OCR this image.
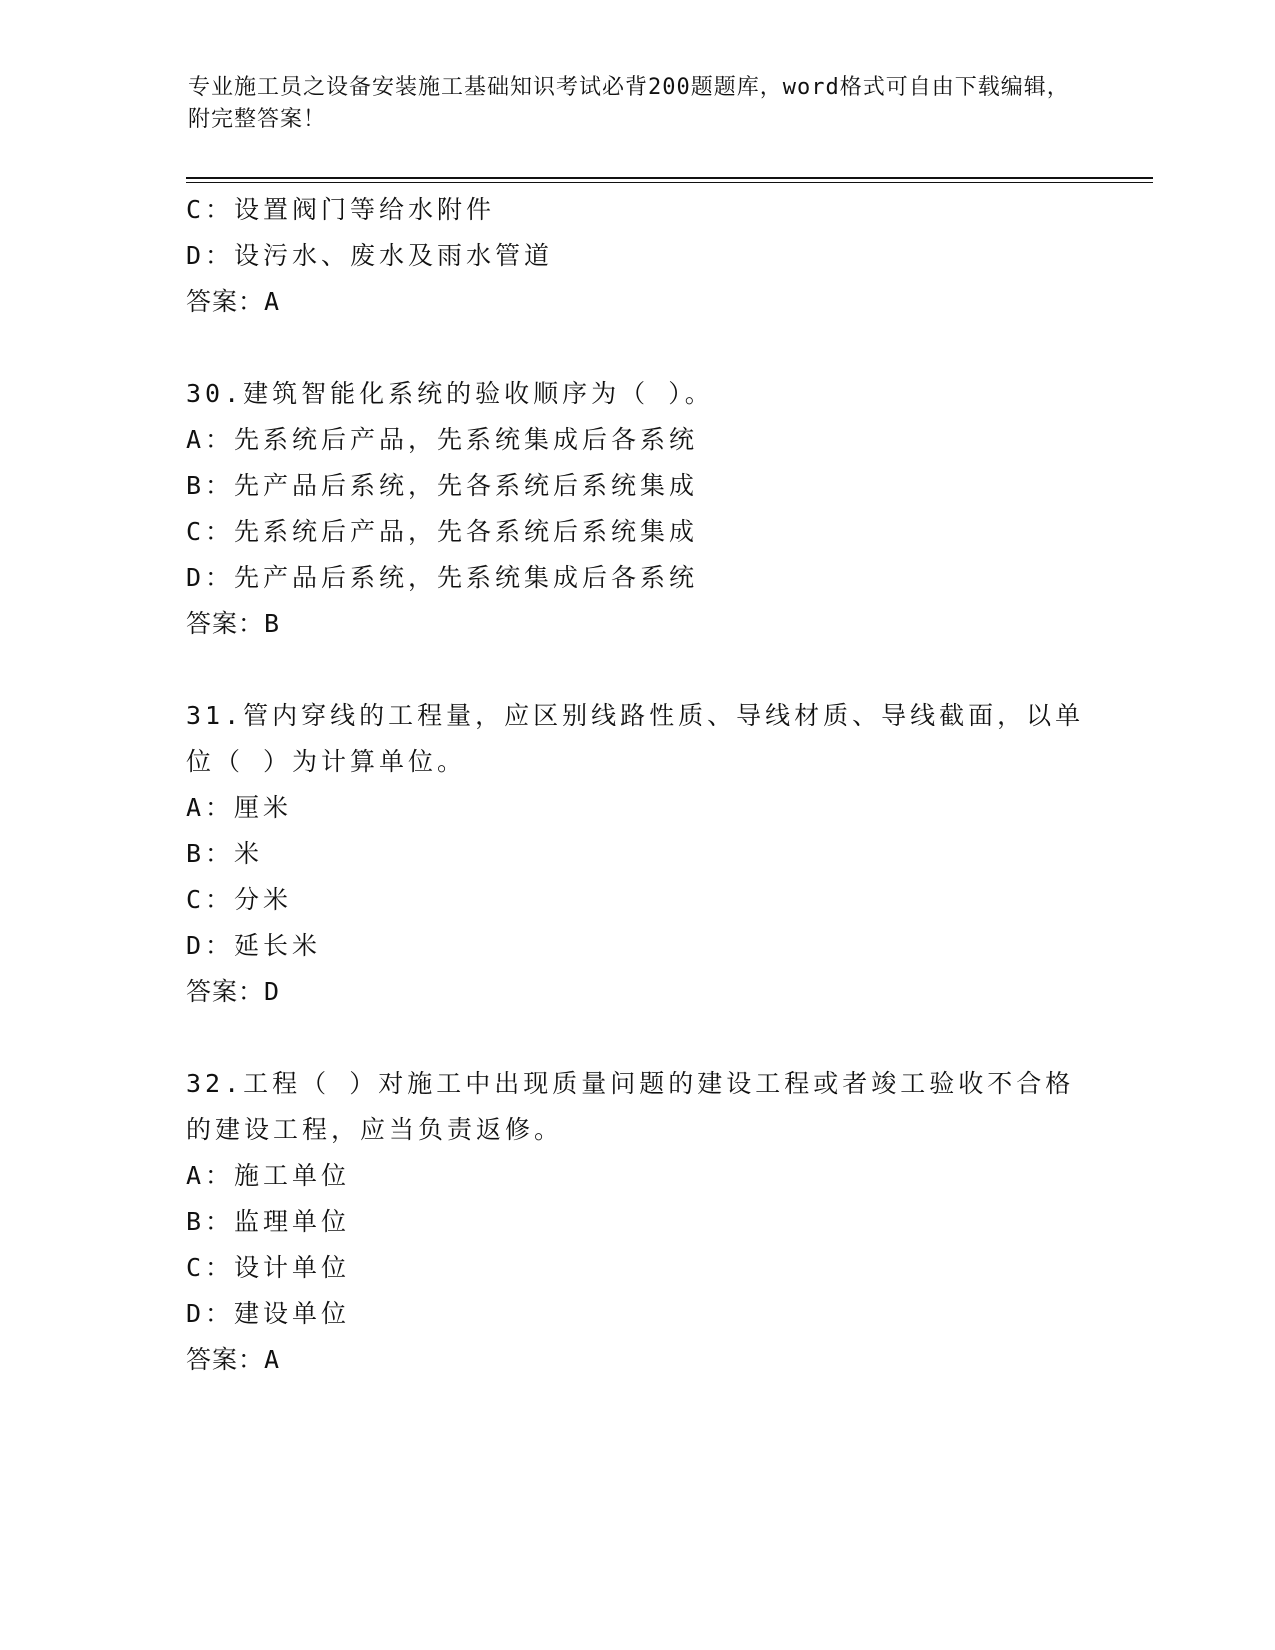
专业施工员之设备安装施工基础知识考试必背200题题库，word格式可自由下载编辑，附完整答案！
C：设置阀门等给水附件
D：设污水、废水及雨水管道
答案：A
30.建筑智能化系统的验收顺序为（ ）。
A：先系统后产品，先系统集成后各系统
B：先产品后系统，先各系统后系统集成
C：先系统后产品，先各系统后系统集成
D：先产品后系统，先系统集成后各系统
答案：B
31.管内穿线的工程量，应区别线路性质、导线材质、导线截面，以单位（ ）为计算单位。
A：厘米
B：米
C：分米
D：延长米
答案：D
32.工程（ ）对施工中出现质量问题的建设工程或者竣工验收不合格的建设工程，应当负责返修。
A：施工单位
B：监理单位
C：设计单位
D：建设单位
答案：A
